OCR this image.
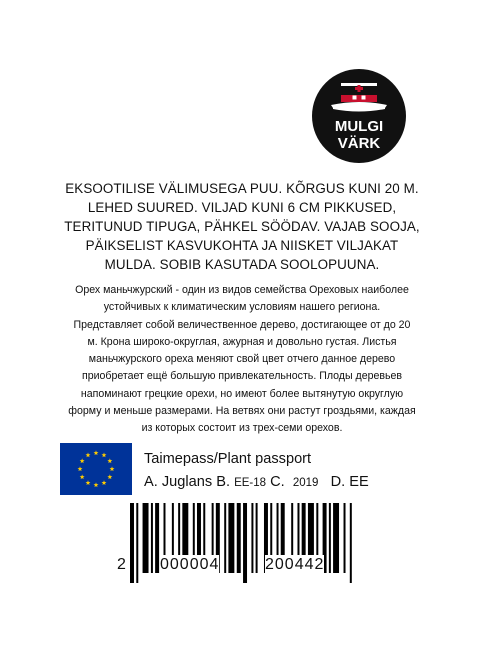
MULGI
VÄRK

EKSOOTILISE VÄLIMUSEGA PUU. KÕRGUS KUNI 20 M.

LEHED SUURED. VILJAD KUNI 6 CM PIKKUSED,

TERITUNUD TIPUGA, PÄHKEL SÖÖDAV. VAJAB SOOJA,

PÄIKSELIST KASVUKOHTA JA NIISKET VILJAKAT

MULDA. SOBIB KASUTADA SOOLOPUUNA.

Орех маньчжурский - один из видов семейства Ореховых наиболее

устойчивых к климатическим условиям нашего региона.

Представляет собой величественное дерево, достигающее от до 20

м. Крона широко-округлая, ажурная и довольно густая. Листья

маньчжурского ореха меняют свой цвет отчего данное дерево

приобретает ещё большую привлекательность. Плоды деревьев

напоминают грецкие орехи, но имеют более вытянутую округлую

форму и меньше размерами. На ветвях они растут гроздьями, каждая

из которых состоит из трех-семи орехов.

Taimepass/Plant passport
A. Juglans B. EE-18 C. 2019 D. EE
2 000004	200442
